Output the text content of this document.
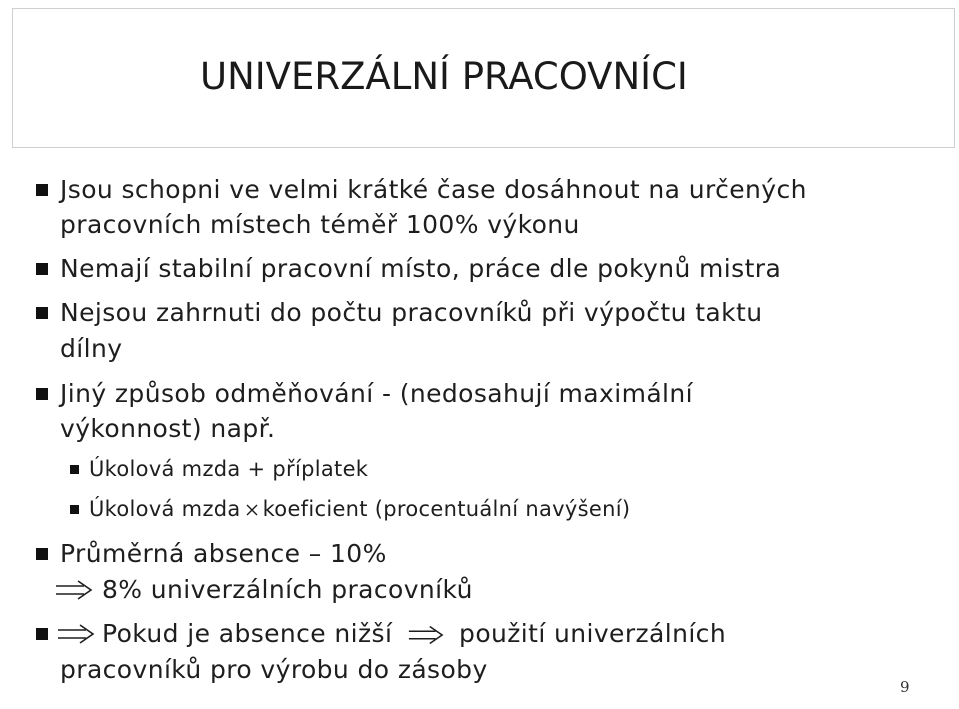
UNIVERZÁLNÍ PRACOVNÍCI
Jsou schopni ve velmi krátké čase dosáhnout na určených
pracovních místech téměř 100% výkonu
Nemají stabilní pracovní místo, práce dle pokynů mistra
Nejsou zahrnuti do počtu pracovníků při výpočtu taktu
dílny
Jiný způsob odměňování - (nedosahují maximální
výkonnost) např.
Úkolová mzda + příplatek
Úkolová mzda koeficient (procentuální navýšení)
Průměrná absence – 10%
8% univerzálních pracovníků
Pokud je absence nižší	použití univerzálních
pracovníků pro výrobu do zásoby
9
